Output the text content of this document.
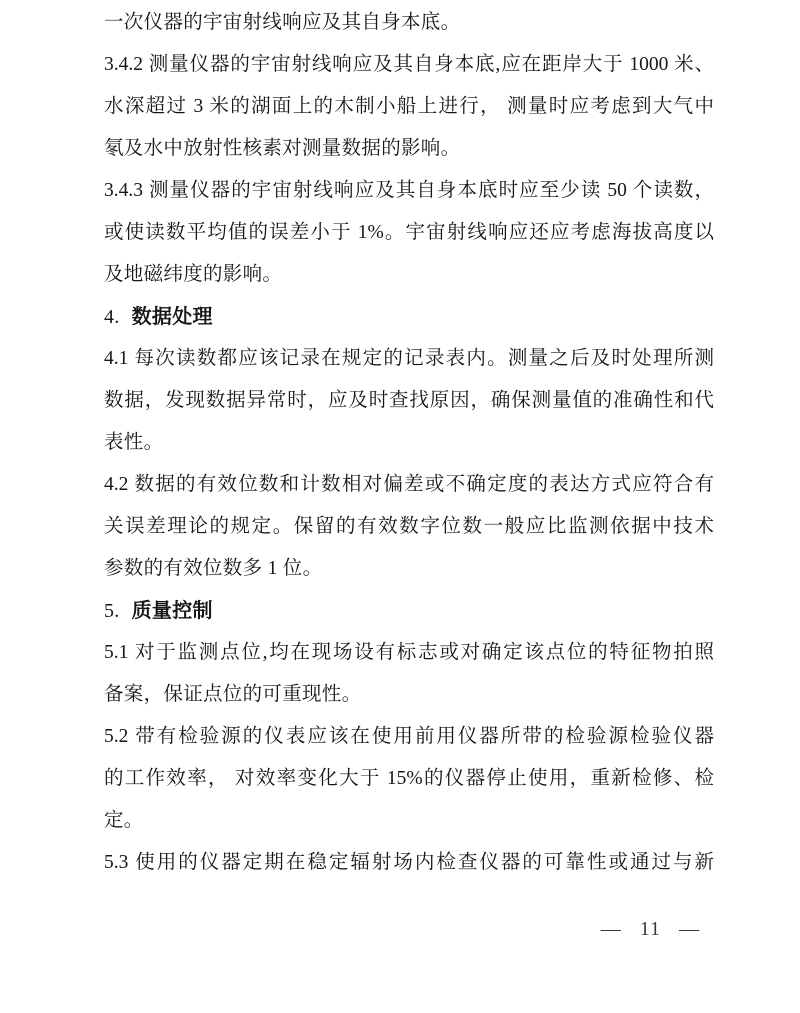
一次仪器的宇宙射线响应及其自身本底。
3.4.2 测量仪器的宇宙射线响应及其自身本底,应在距岸大于 1000 米、
水深超过 3 米的湖面上的木制小船上进行， 测量时应考虑到大气中
氡及水中放射性核素对测量数据的影响。
3.4.3 测量仪器的宇宙射线响应及其自身本底时应至少读 50 个读数，
或使读数平均值的误差小于 1%。宇宙射线响应还应考虑海拔高度以
及地磁纬度的影响。
4. 数据处理
4.1 每次读数都应该记录在规定的记录表内。测量之后及时处理所测
数据，发现数据异常时，应及时查找原因，确保测量值的准确性和代
表性。
4.2 数据的有效位数和计数相对偏差或不确定度的表达方式应符合有
关误差理论的规定。保留的有效数字位数一般应比监测依据中技术
参数的有效位数多 1 位。
5. 质量控制
5.1 对于监测点位,均在现场设有标志或对确定该点位的特征物拍照
备案，保证点位的可重现性。
5.2 带有检验源的仪表应该在使用前用仪器所带的检验源检验仪器
的工作效率， 对效率变化大于 15%的仪器停止使用，重新检修、检
定。
5.3 使用的仪器定期在稳定辐射场内检查仪器的可靠性或通过与新
— 11 —
